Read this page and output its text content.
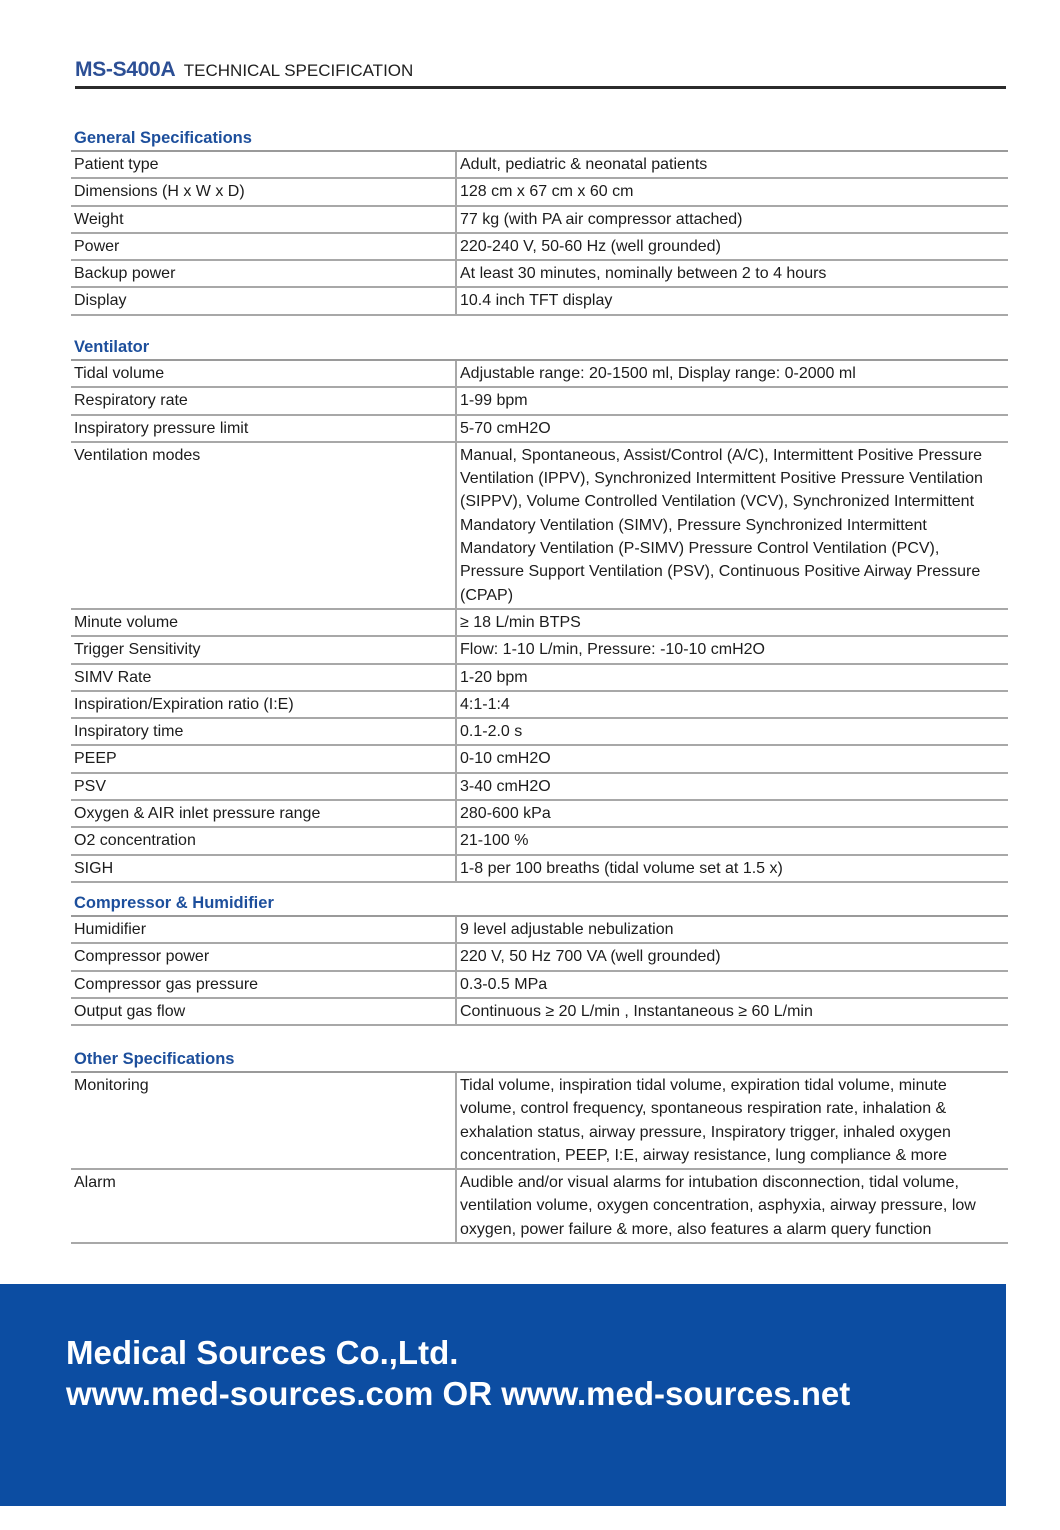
MS-S400A TECHNICAL SPECIFICATION
General Specifications
Patient type	Adult, pediatric & neonatal patients
Dimensions (H x W x D)	128 cm x 67 cm x 60 cm
Weight	77 kg (with PA air compressor attached)
Power	220-240 V, 50-60 Hz (well grounded)
Backup power	At least 30 minutes, nominally between 2 to 4 hours
Display	10.4 inch TFT display
Ventilator
Tidal volume	Adjustable range: 20-1500 ml, Display range: 0-2000 ml
Respiratory rate	1-99 bpm
Inspiratory pressure limit	5-70 cmH2O
Ventilation modes	Manual, Spontaneous, Assist/Control (A/C), Intermittent Positive Pressure Ventilation (IPPV), Synchronized Intermittent Positive Pressure Ventilation (SIPPV), Volume Controlled Ventilation (VCV), Synchronized Intermittent Mandatory Ventilation (SIMV), Pressure Synchronized Intermittent Mandatory Ventilation (P-SIMV) Pressure Control Ventilation (PCV), Pressure Support Ventilation (PSV), Continuous Positive Airway Pressure (CPAP)
Minute volume	≥ 18 L/min BTPS
Trigger Sensitivity	Flow: 1-10 L/min, Pressure: -10-10 cmH2O
SIMV Rate	1-20 bpm
Inspiration/Expiration ratio (I:E)	4:1-1:4
Inspiratory time	0.1-2.0 s
PEEP	0-10 cmH2O
PSV	3-40 cmH2O
Oxygen & AIR inlet pressure range	280-600 kPa
O2 concentration	21-100 %
SIGH	1-8 per 100 breaths (tidal volume set at 1.5 x)
Compressor & Humidifier
Humidifier	9 level adjustable nebulization
Compressor power	220 V, 50 Hz 700 VA (well grounded)
Compressor gas pressure	0.3-0.5 MPa
Output gas flow	Continuous ≥ 20 L/min , Instantaneous ≥ 60 L/min
Other Specifications
Monitoring	Tidal volume, inspiration tidal volume, expiration tidal volume, minute volume, control frequency, spontaneous respiration rate, inhalation & exhalation status, airway pressure, Inspiratory trigger, inhaled oxygen concentration, PEEP, I:E, airway resistance, lung compliance & more
Alarm	Audible and/or visual alarms for intubation disconnection, tidal volume, ventilation volume, oxygen concentration, asphyxia, airway pressure, low oxygen, power failure & more, also features a alarm query function
Medical Sources Co.,Ltd.
www.med-sources.com OR www.med-sources.net
